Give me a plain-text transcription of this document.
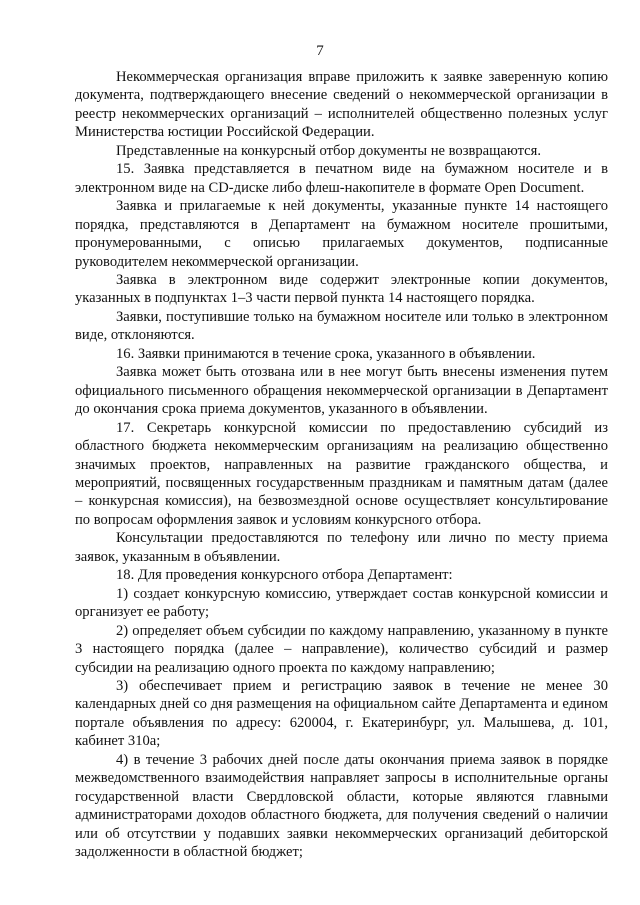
7

Некоммерческая организация вправе приложить к заявке заверенную копию документа, подтверждающего внесение сведений о некоммерческой организации в реестр некоммерческих организаций – исполнителей общественно полезных услуг Министерства юстиции Российской Федерации.

Представленные на конкурсный отбор документы не возвращаются.

15. Заявка представляется в печатном виде на бумажном носителе и в электронном виде на CD-диске либо флеш-накопителе в формате Open Document.

Заявка и прилагаемые к ней документы, указанные пункте 14 настоящего порядка, представляются в Департамент на бумажном носителе прошитыми, пронумерованными, с описью прилагаемых документов, подписанные руководителем некоммерческой организации.

Заявка в электронном виде содержит электронные копии документов, указанных в подпунктах 1–3 части первой пункта 14 настоящего порядка.

Заявки, поступившие только на бумажном носителе или только в электронном виде, отклоняются.

16. Заявки принимаются в течение срока, указанного в объявлении.

Заявка может быть отозвана или в нее могут быть внесены изменения путем официального письменного обращения некоммерческой организации в Департамент до окончания срока приема документов, указанного в объявлении.

17. Секретарь конкурсной комиссии по предоставлению субсидий из областного бюджета некоммерческим организациям на реализацию общественно значимых проектов, направленных на развитие гражданского общества, и мероприятий, посвященных государственным праздникам и памятным датам (далее – конкурсная комиссия), на безвозмездной основе осуществляет консультирование по вопросам оформления заявок и условиям конкурсного отбора.

Консультации предоставляются по телефону или лично по месту приема заявок, указанным в объявлении.

18. Для проведения конкурсного отбора Департамент:

1) создает конкурсную комиссию, утверждает состав конкурсной комиссии и организует ее работу;

2) определяет объем субсидии по каждому направлению, указанному в пункте 3 настоящего порядка (далее – направление), количество субсидий и размер субсидии на реализацию одного проекта по каждому направлению;

3) обеспечивает прием и регистрацию заявок в течение не менее 30 календарных дней со дня размещения на официальном сайте Департамента и едином портале объявления по адресу: 620004, г. Екатеринбург, ул. Малышева, д. 101, кабинет 310а;

4) в течение 3 рабочих дней после даты окончания приема заявок в порядке межведомственного взаимодействия направляет запросы в исполнительные органы государственной власти Свердловской области, которые являются главными администраторами доходов областного бюджета, для получения сведений о наличии или об отсутствии у подавших заявки некоммерческих организаций дебиторской задолженности в областной бюджет;
